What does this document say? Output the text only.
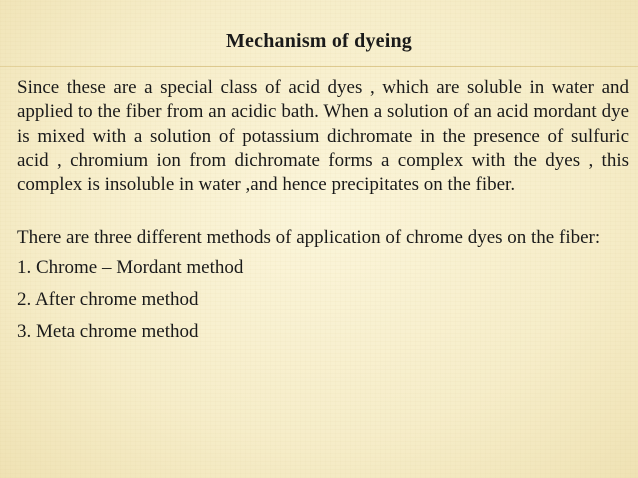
Mechanism of dyeing

Since these are a special class of acid dyes , which are soluble in water and applied to the fiber from an acidic bath. When a solution of an acid mordant dye is mixed with a solution of potassium dichromate in the presence of sulfuric acid , chromium ion from dichromate forms a complex with the dyes , this complex is insoluble in water ,and hence precipitates on the fiber.

There are three different methods of application of chrome dyes on the fiber:

1. Chrome – Mordant method
2. After chrome method
3. Meta chrome method
